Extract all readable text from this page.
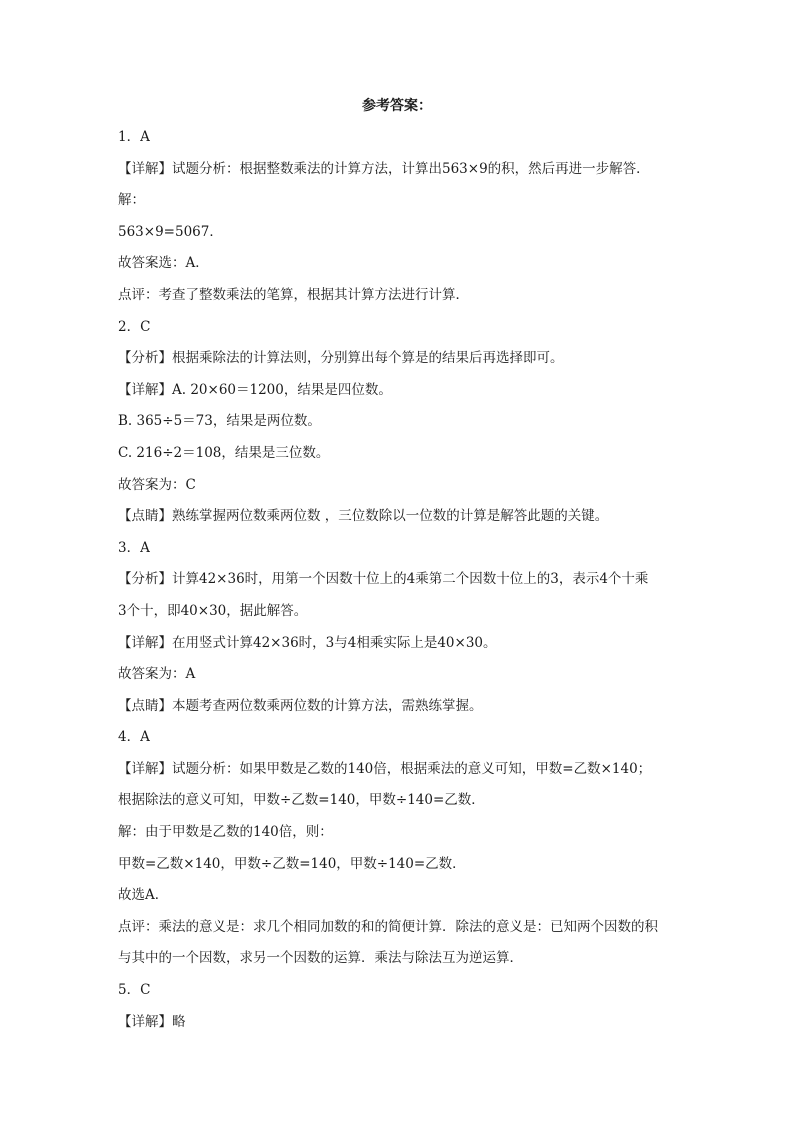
参考答案：
1．A
【详解】试题分析：根据整数乘法的计算方法，计算出563×9的积，然后再进一步解答．
解：
563×9=5067．
故答案选：A．
点评：考查了整数乘法的笔算，根据其计算方法进行计算．
2．C
【分析】根据乘除法的计算法则，分别算出每个算是的结果后再选择即可。
【详解】A. 20×60＝1200，结果是四位数。
B. 365÷5＝73，结果是两位数。
C. 216÷2＝108，结果是三位数。
故答案为：C
【点睛】熟练掌握两位数乘两位数 ，三位数除以一位数的计算是解答此题的关键。
3．A
【分析】计算42×36时，用第一个因数十位上的4乘第二个因数十位上的3，表示4个十乘
3个十，即40×30，据此解答。
【详解】在用竖式计算42×36时，3与4相乘实际上是40×30。
故答案为：A
【点睛】本题考查两位数乘两位数的计算方法，需熟练掌握。
4．A
【详解】试题分析：如果甲数是乙数的140倍，根据乘法的意义可知，甲数=乙数×140；
根据除法的意义可知，甲数÷乙数=140，甲数÷140=乙数．
解：由于甲数是乙数的140倍，则：
甲数=乙数×140，甲数÷乙数=140，甲数÷140=乙数．
故选A．
点评：乘法的意义是：求几个相同加数的和的简便计算．除法的意义是：已知两个因数的积
与其中的一个因数，求另一个因数的运算．乘法与除法互为逆运算．
5．C
【详解】略
